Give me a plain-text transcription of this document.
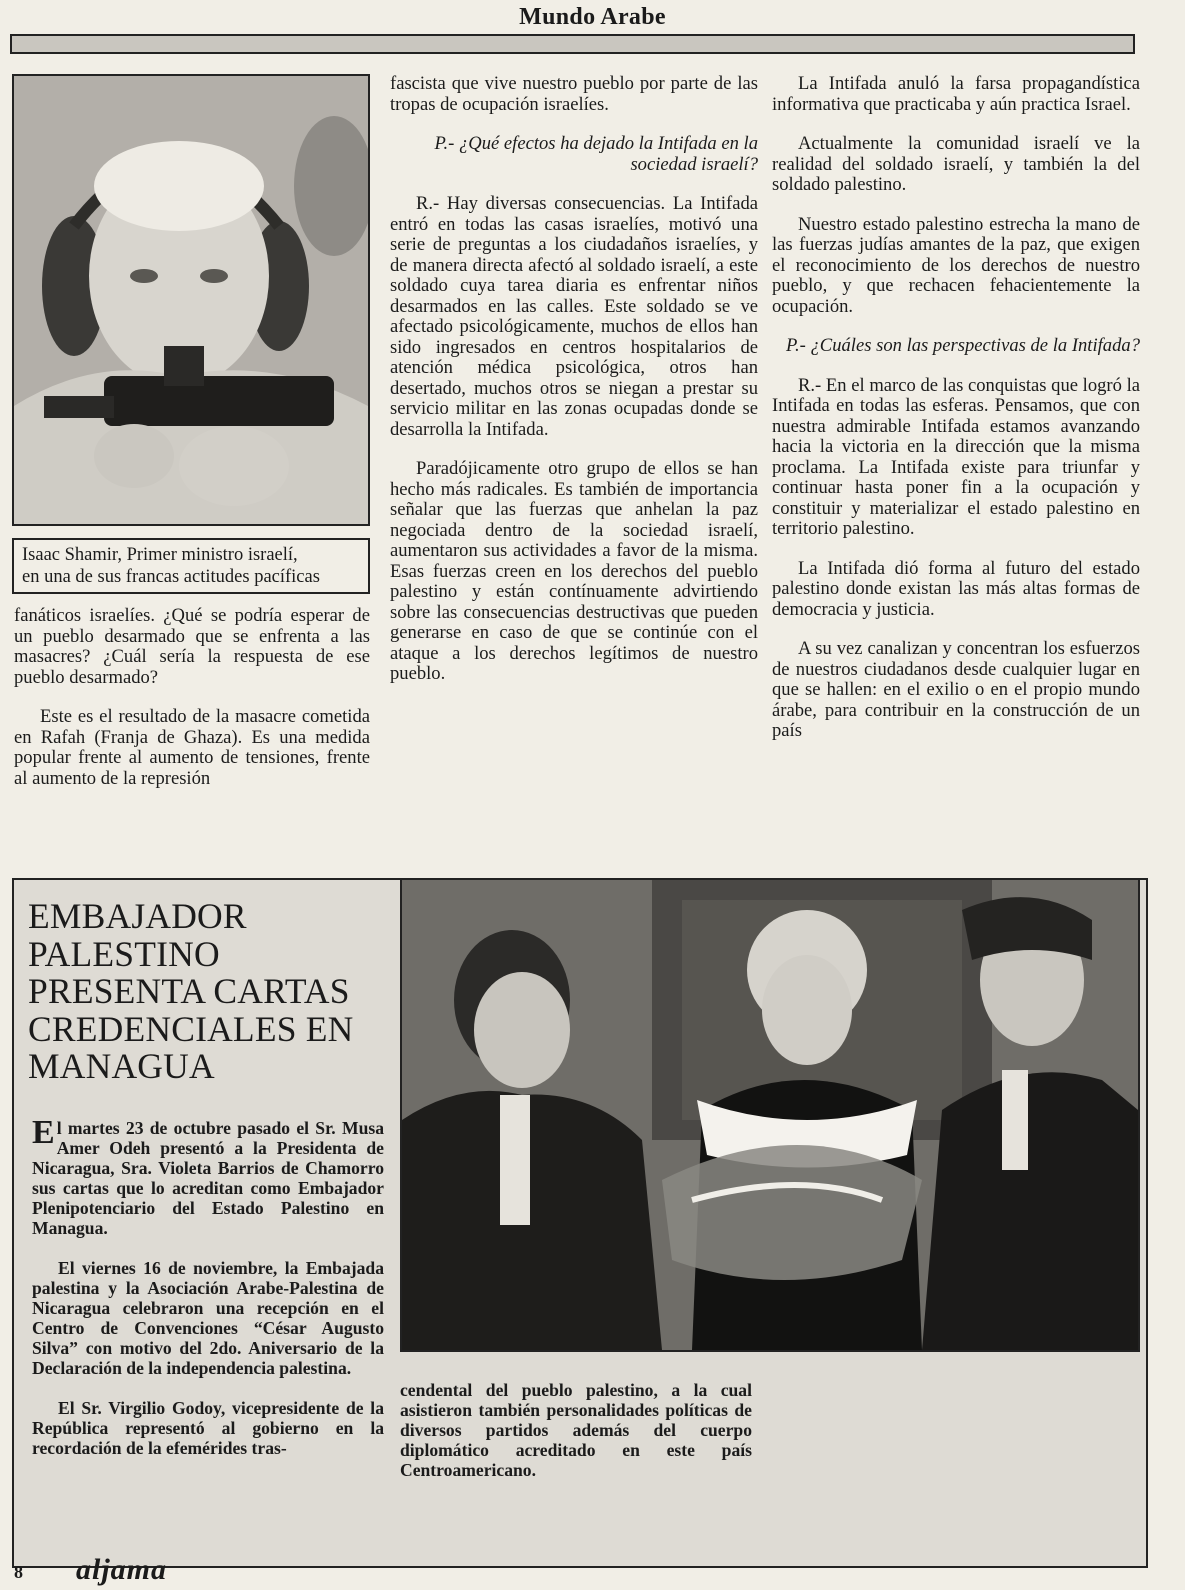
Mundo Arabe
Isaac Shamir, Primer ministro israelí,
en una de sus francas actitudes pacíficas

fanáticos israelíes. ¿Qué se podría esperar de un pueblo desarmado que se enfrenta a las masacres? ¿Cuál sería la respuesta de ese pueblo desarmado?

Este es el resultado de la masacre cometida en Rafah (Franja de Ghaza). Es una medida popular frente al aumento de tensiones, frente al aumento de la represión

fascista que vive nuestro pueblo por parte de las tropas de ocupación israelíes.

P.- ¿Qué efectos ha dejado la Intifada en la sociedad israelí?

R.- Hay diversas consecuencias. La Intifada entró en todas las casas israelíes, motivó una serie de preguntas a los ciudadaños israelíes, y de manera directa afectó al soldado israelí, a este soldado cuya tarea diaria es enfrentar niños desarmados en las calles. Este soldado se ve afectado psicológicamente, muchos de ellos han sido ingresados en centros hospitalarios de atención médica psicológica, otros han desertado, muchos otros se niegan a prestar su servicio militar en las zonas ocupadas donde se desarrolla la Intifada.

Paradójicamente otro grupo de ellos se han hecho más radicales. Es también de importancia señalar que las fuerzas que anhelan la paz negociada dentro de la sociedad israelí, aumentaron sus actividades a favor de la misma. Esas fuerzas creen en los derechos del pueblo palestino y están contínuamente advirtiendo sobre las consecuencias destructivas que pueden generarse en caso de que se continúe con el ataque a los derechos legítimos de nuestro pueblo.

La Intifada anuló la farsa propagandística informativa que practicaba y aún practica Israel.

Actualmente la comunidad israelí ve la realidad del soldado israelí, y también la del soldado palestino.

Nuestro estado palestino estrecha la mano de las fuerzas judías amantes de la paz, que exigen el reconocimiento de los derechos de nuestro pueblo, y que rechacen fehacientemente la ocupación.

P.- ¿Cuáles son las perspectivas de la Intifada?

R.- En el marco de las conquistas que logró la Intifada en todas las esferas. Pensamos, que con nuestra admirable Intifada estamos avanzando hacia la victoria en la dirección que la misma proclama. La Intifada existe para triunfar y continuar hasta poner fin a la ocupación y constituir y materializar el estado palestino en territorio palestino.

La Intifada dió forma al futuro del estado palestino donde existan las más altas formas de democracia y justicia.

A su vez canalizan y concentran los esfuerzos de nuestros ciudadanos desde cualquier lugar en que se hallen: en el exilio o en el propio mundo árabe, para contribuir en la construcción de un país

EMBAJADOR
PALESTINO
PRESENTA CARTAS
CREDENCIALES EN
MANAGUA

El martes 23 de octubre pasado el Sr. Musa Amer Odeh presentó a la Presidenta de Nicaragua, Sra. Violeta Barrios de Chamorro sus cartas que lo acreditan como Embajador Plenipotenciario del Estado Palestino en Managua.

El viernes 16 de noviembre, la Embajada palestina y la Asociación Arabe-Palestina de Nicaragua celebraron una recepción en el Centro de Convenciones “César Augusto Silva” con motivo del 2do. Aniversario de la Declaración de la independencia palestina.

El Sr. Virgilio Godoy, vicepresidente de la República representó al gobierno en la recordación de la efemérides tras-

cendental del pueblo palestino, a la cual asistieron también personalidades políticas de diversos partidos además del cuerpo diplomático acreditado en este país Centroamericano.

8 aljama
